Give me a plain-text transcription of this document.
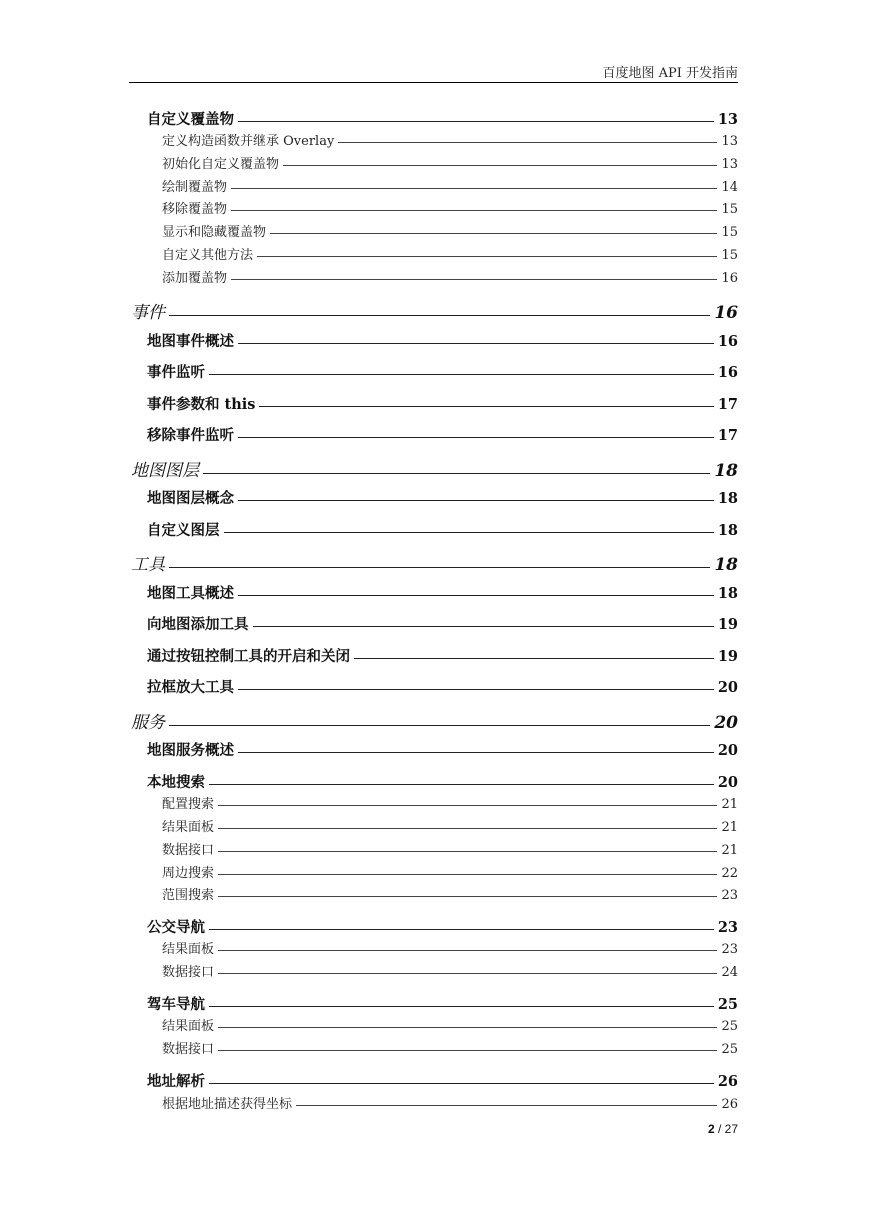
百度地图 API 开发指南
自定义覆盖物	13
定义构造函数并继承 Overlay	13
初始化自定义覆盖物	13
绘制覆盖物	14
移除覆盖物	15
显示和隐藏覆盖物	15
自定义其他方法	15
添加覆盖物	16
事件	16
地图事件概述	16
事件监听	16
事件参数和 this	17
移除事件监听	17
地图图层	18
地图图层概念	18
自定义图层	18
工具	18
地图工具概述	18
向地图添加工具	19
通过按钮控制工具的开启和关闭	19
拉框放大工具	20
服务	20
地图服务概述	20
本地搜索	20
配置搜索	21
结果面板	21
数据接口	21
周边搜索	22
范围搜索	23
公交导航	23
结果面板	23
数据接口	24
驾车导航	25
结果面板	25
数据接口	25
地址解析	26
根据地址描述获得坐标	26
2 / 27
